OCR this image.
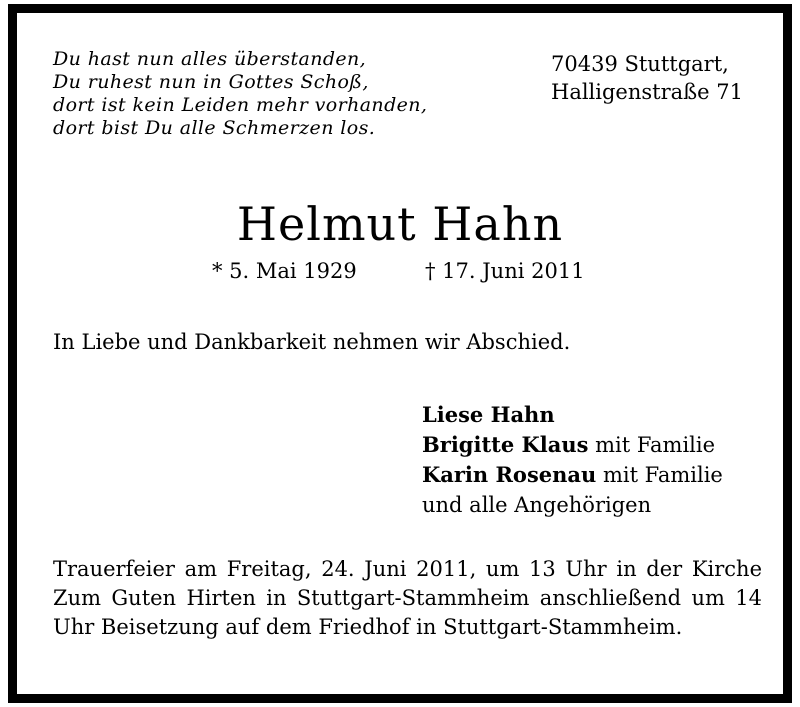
Du hast nun alles überstanden,
Du ruhest nun in Gottes Schoß,
dort ist kein Leiden mehr vorhanden,
dort bist Du alle Schmerzen los.
70439 Stuttgart,
Halligenstraße 71
Helmut Hahn
* 5. Mai 1929	† 17. Juni 2011

In Liebe und Dankbarkeit nehmen wir Abschied.

Liese Hahn
Brigitte Klaus mit Familie
Karin Rosenau mit Familie
und alle Angehörigen

Trauerfeier am Freitag, 24. Juni 2011, um 13 Uhr in der Kirche Zum Guten Hirten in Stuttgart-Stammheim anschließend um 14 Uhr Beisetzung auf dem Friedhof in Stuttgart-Stammheim.
